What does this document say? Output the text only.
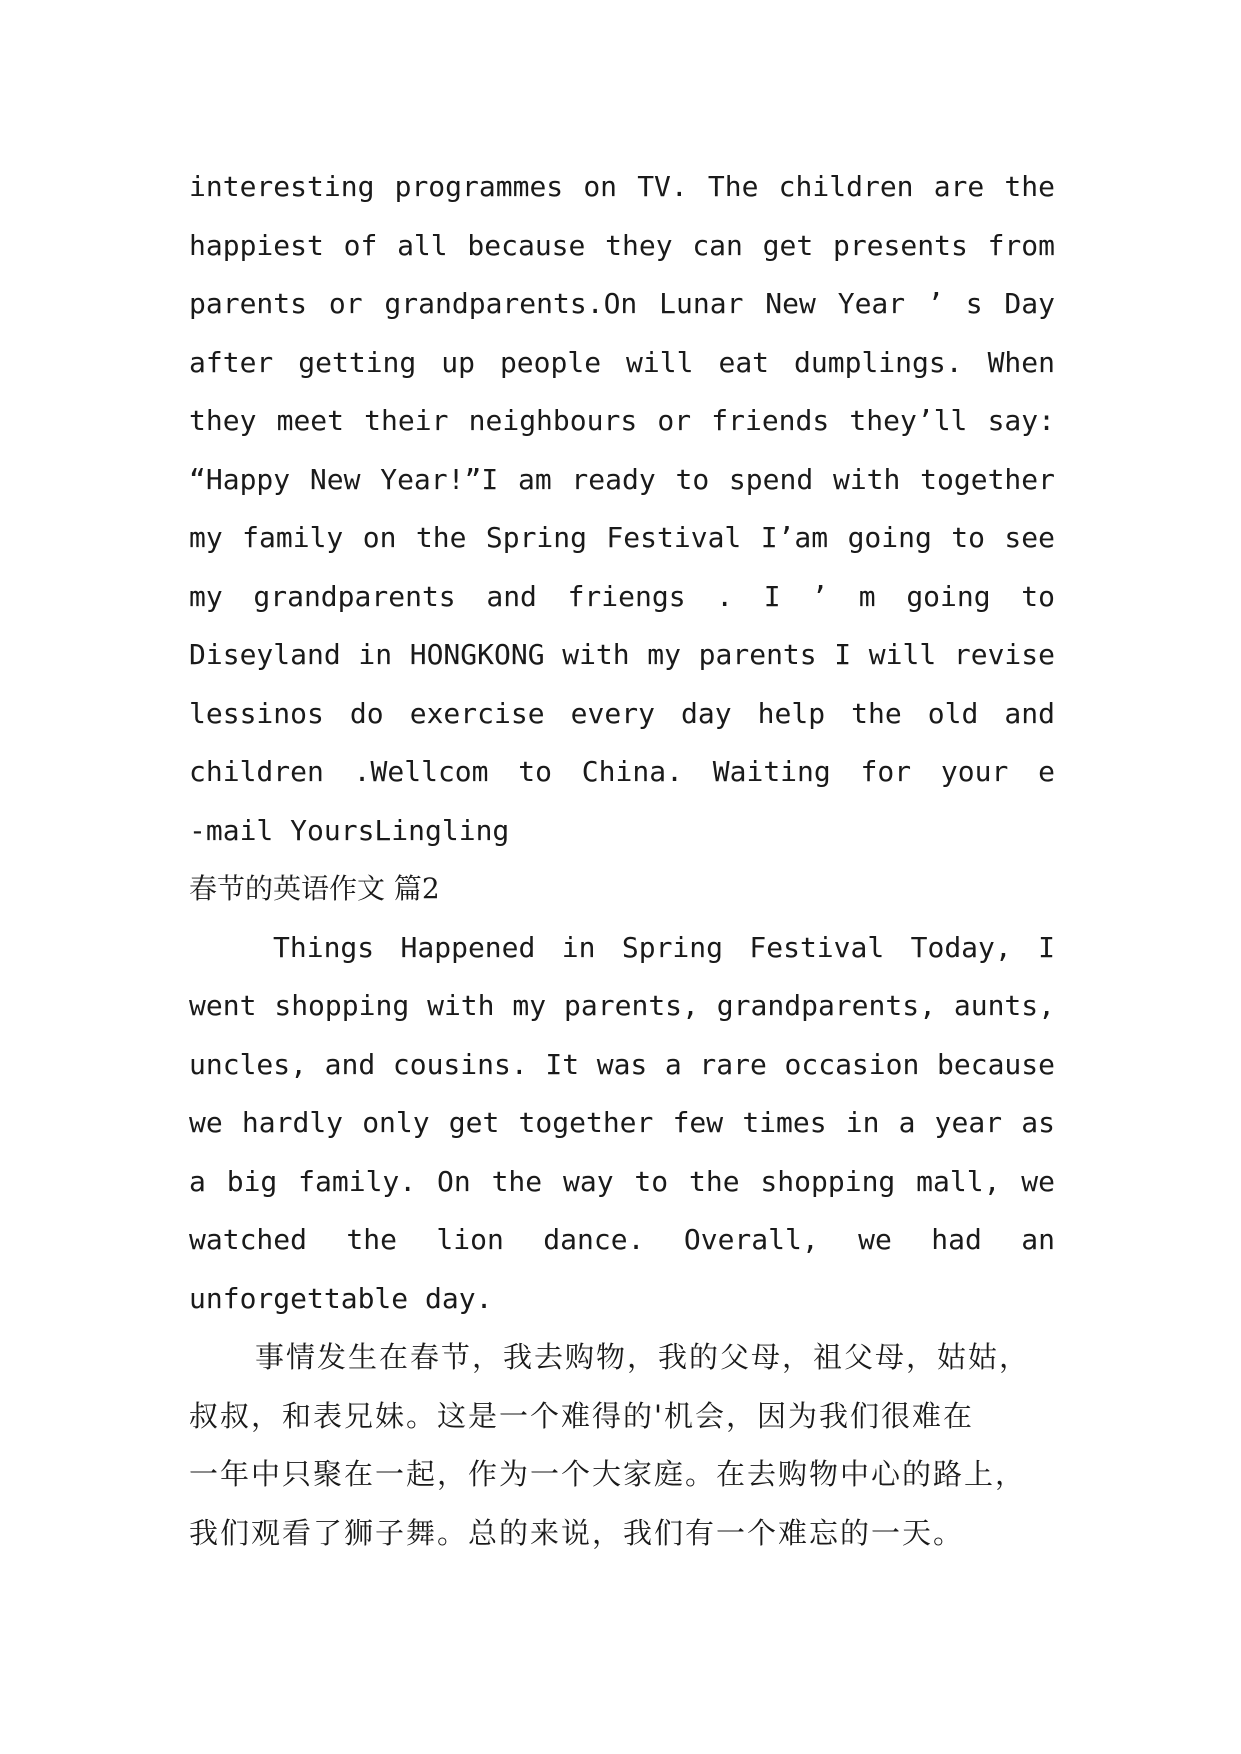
interesting programmes on TV. The children are the
happiest of all because they can get presents from
parents or grandparents.On Lunar New Year ’ s Day
after getting up people will eat dumplings. When
they meet their neighbours or friends they’ll say:
“Happy New Year!”I am ready to spend with together
my family on the Spring Festival I’am going to see
my grandparents and friengs . I ’ m going to
Diseyland in HONGKONG with my parents I will revise
lessinos do exercise every day help the old and
children .Wellcom to China. Waiting for your e
-mail YoursLingling
春节的英语作文 篇2
Things Happened in Spring Festival Today, I
went shopping with my parents, grandparents, aunts,
uncles, and cousins. It was a rare occasion because
we hardly only get together few times in a year as
a big family. On the way to the shopping mall, we
watched the lion dance. Overall, we had an
unforgettable day.
事情发生在春节，我去购物，我的父母，祖父母，姑姑，
叔叔，和表兄妹。这是一个难得的'机会，因为我们很难在
一年中只聚在一起，作为一个大家庭。在去购物中心的路上，
我们观看了狮子舞。总的来说，我们有一个难忘的一天。
